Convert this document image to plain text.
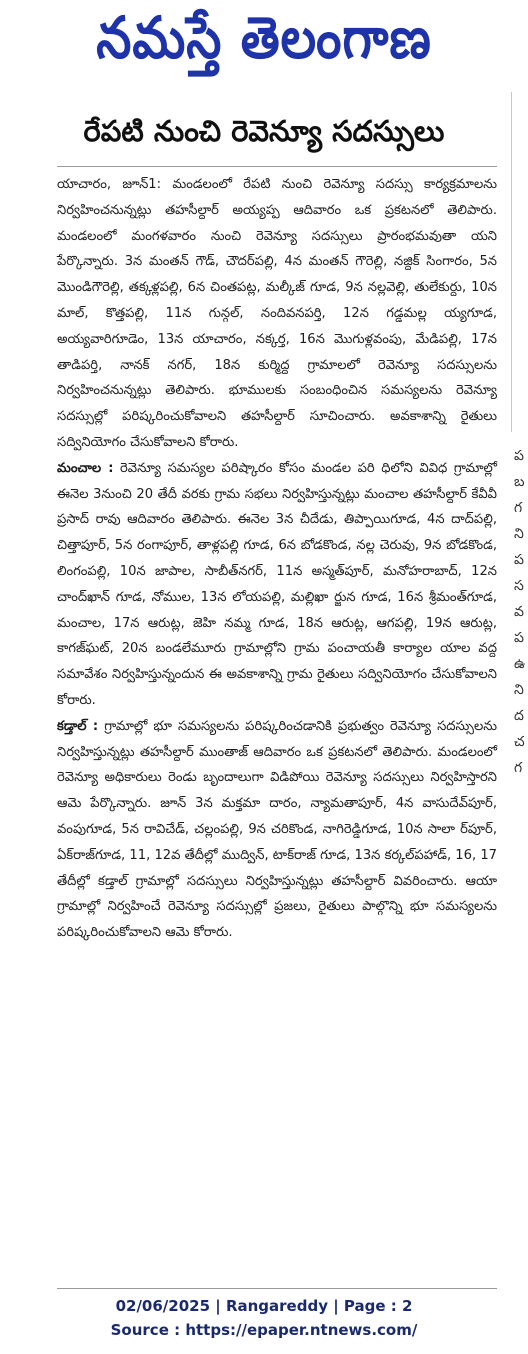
నమస్తే తెలంగాణ
రేపటి నుంచి రెవెన్యూ సదస్సులు

యాచారం, జూన్1: మండలంలో రేపటి నుంచి రెవెన్యూ సదస్సు కార్యక్రమాలను నిర్వహించనున్నట్లు తహసీల్దార్ అయ్యప్ప ఆదివారం ఒక ప్రకటనలో తెలిపారు. మండలంలో మంగళవారం నుంచి రెవెన్యూ సదస్సులు ప్రారంభమవుతా యని పేర్కొన్నారు. 3న మంతన్ గౌడ్, చౌదర్‌పల్లి, 4న మంతన్ గౌరెల్లి, నజ్దిక్ సింగారం, 5న మొండిగౌరెల్లి, తక్కళ్లపల్లి, 6న చింతపట్ల, మల్కీజ్ గూడ, 9న నల్లవెల్లి, తులేకుర్దు, 10న మాల్, కొత్తపల్లి, 11న గున్గల్, నందివనపర్తి, 12న గడ్డమల్ల య్యగూడ, అయ్యవారిగూడెం, 13న యాచారం, నక్కర్త, 16న మొగుళ్లవంపు, మేడిపల్లి, 17న తాడిపర్తి, నానక్ నగర్, 18న కుర్మిద్ద గ్రామాలలో రెవెన్యూ సదస్సులను నిర్వహించనున్నట్లు తెలిపారు. భూములకు సంబంధించిన సమస్యలను రెవెన్యూ సదస్సుల్లో పరిష్కరించుకోవాలని తహసీల్దార్ సూచించారు. అవకాశాన్ని రైతులు సద్వినియోగం చేసుకోవాలని కోరారు.

మంచాల : రెవెన్యూ సమస్యల పరిష్కారం కోసం మండల పరి ధిలోని వివిధ గ్రామాల్లో ఈనెల 3నుంచి 20 తేదీ వరకు గ్రామ సభలు నిర్వహిస్తున్నట్లు మంచాల తహసీల్దార్ కేవీవీ ప్రసాద్ రావు ఆదివారం తెలిపారు. ఈనెల 3న చీదేడు, తిప్పాయిగూడ, 4న దాద్‌పల్లి, చిత్తాపూర్, 5న రంగాపూర్, తాళ్లపల్లి గూడ, 6న బోడకొండ, నల్ల చెరువు, 9న బోడకొండ, లింగంపల్లి, 10న జాపాల, సాబీత్‌నగర్, 11న అస్మత్‌పూర్, మనోహరాబాద్, 12న చాంద్‌ఖాన్ గూడ, నోముల, 13న లోయపల్లి, మల్లిఖా ర్జున గూడ, 16న శ్రీమంత్‌గూడ, మంచాల, 17న ఆరుట్ల, జెహి నమ్మ గూడ, 18న ఆరుట్ల, ఆగపల్లి, 19న ఆరుట్ల, కాగజ్‌ఘట్, 20న బండలేమూరు గ్రామాల్లోని గ్రామ పంచాయతీ కార్యాల యాల వద్ద సమావేశం నిర్వహిస్తున్నందున ఈ అవకాశాన్ని గ్రామ రైతులు సద్వినియోగం చేసుకోవాలని కోరారు.

కడ్తాల్ : గ్రామాల్లో భూ సమస్యలను పరిష్కరించడానికి ప్రభుత్వం రెవెన్యూ సదస్సులను నిర్వహిస్తున్నట్లు తహసీల్దార్ ముంతాజ్ ఆదివారం ఒక ప్రకటనలో తెలిపారు. మండలంలో రెవెన్యూ అధికారులు రెండు బృందాలుగా విడిపోయి రెవెన్యూ సదస్సులు నిర్వహిస్తారని ఆమె పేర్కొన్నారు. జూన్ 3న మక్తమా దారం, న్యామతాపూర్, 4న వాసుదేవ్‌పూర్, వంపుగూడ, 5న రావిచేడ్, చల్లంపల్లి, 9న చరికొండ, నాగిరెడ్డిగూడ, 10న సాలా ర్‌పూర్, ఏక్‌రాజ్‌గూడ, 11, 12వ తేదీల్లో ముద్విన్, టాక్‌రాజ్ గూడ, 13న కర్కల్‌పహాడ్, 16, 17 తేదీల్లో కడ్తాల్ గ్రామాల్లో సదస్సులు నిర్వహిస్తున్నట్లు తహసీల్దార్ వివరించారు. ఆయా గ్రామాల్లో నిర్వహించే రెవెన్యూ సదస్సుల్లో ప్రజలు, రైతులు పాల్గొన్ని భూ సమస్యలను పరిష్కరించుకోవాలని ఆమె కోరారు.

ప
బ
గ
ని
ప
స
వ
ప
ఉ
ని
ద
చ
గ
02/06/2025 | Rangareddy | Page : 2
Source : https://epaper.ntnews.com/
